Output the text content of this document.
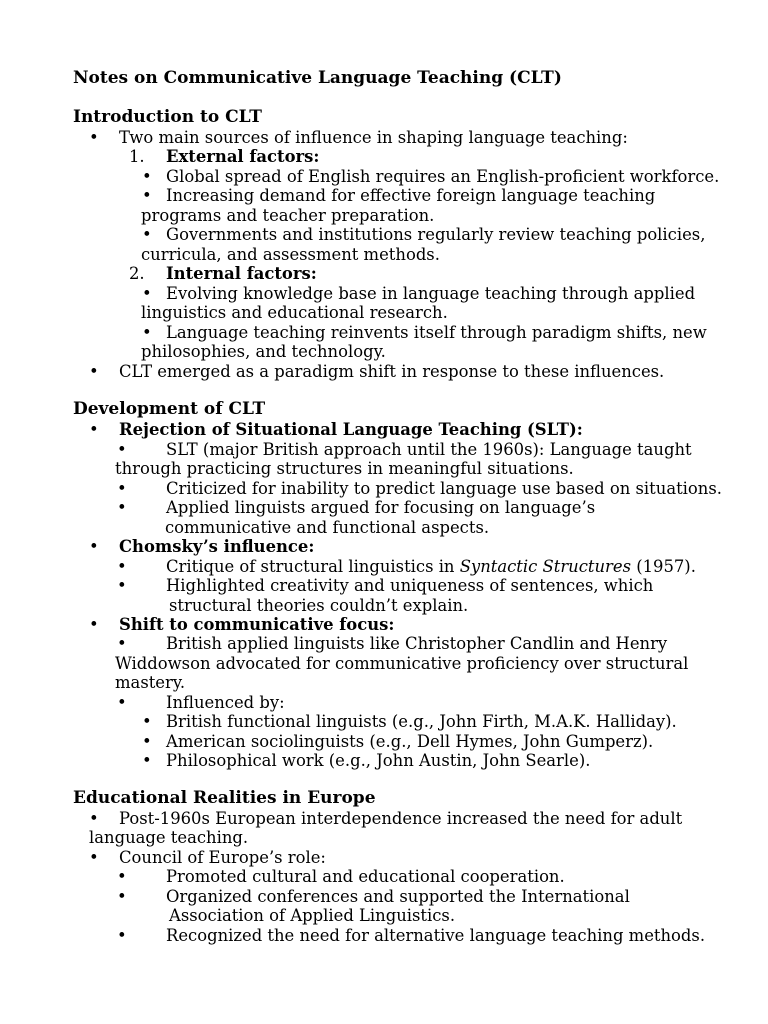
Notes on Communicative Language Teaching (CLT)
Introduction to CLT
• Two main sources of influence in shaping language teaching:
1. External factors:
• Global spread of English requires an English-proficient workforce.
• Increasing demand for effective foreign language teaching
programs and teacher preparation.
• Governments and institutions regularly review teaching policies,
curricula, and assessment methods.
2. Internal factors:
• Evolving knowledge base in language teaching through applied
linguistics and educational research.
• Language teaching reinvents itself through paradigm shifts, new
philosophies, and technology.
• CLT emerged as a paradigm shift in response to these influences.
Development of CLT
• Rejection of Situational Language Teaching (SLT):
• SLT (major British approach until the 1960s): Language taught
through practicing structures in meaningful situations.
• Criticized for inability to predict language use based on situations.
• Applied linguists argued for focusing on language’s
communicative and functional aspects.
• Chomsky’s influence:
• Critique of structural linguistics in Syntactic Structures (1957).
• Highlighted creativity and uniqueness of sentences, which
structural theories couldn’t explain.
• Shift to communicative focus:
• British applied linguists like Christopher Candlin and Henry
Widdowson advocated for communicative proficiency over structural
mastery.
• Influenced by:
• British functional linguists (e.g., John Firth, M.A.K. Halliday).
• American sociolinguists (e.g., Dell Hymes, John Gumperz).
• Philosophical work (e.g., John Austin, John Searle).
Educational Realities in Europe
• Post-1960s European interdependence increased the need for adult
language teaching.
• Council of Europe’s role:
• Promoted cultural and educational cooperation.
• Organized conferences and supported the International
Association of Applied Linguistics.
• Recognized the need for alternative language teaching methods.
